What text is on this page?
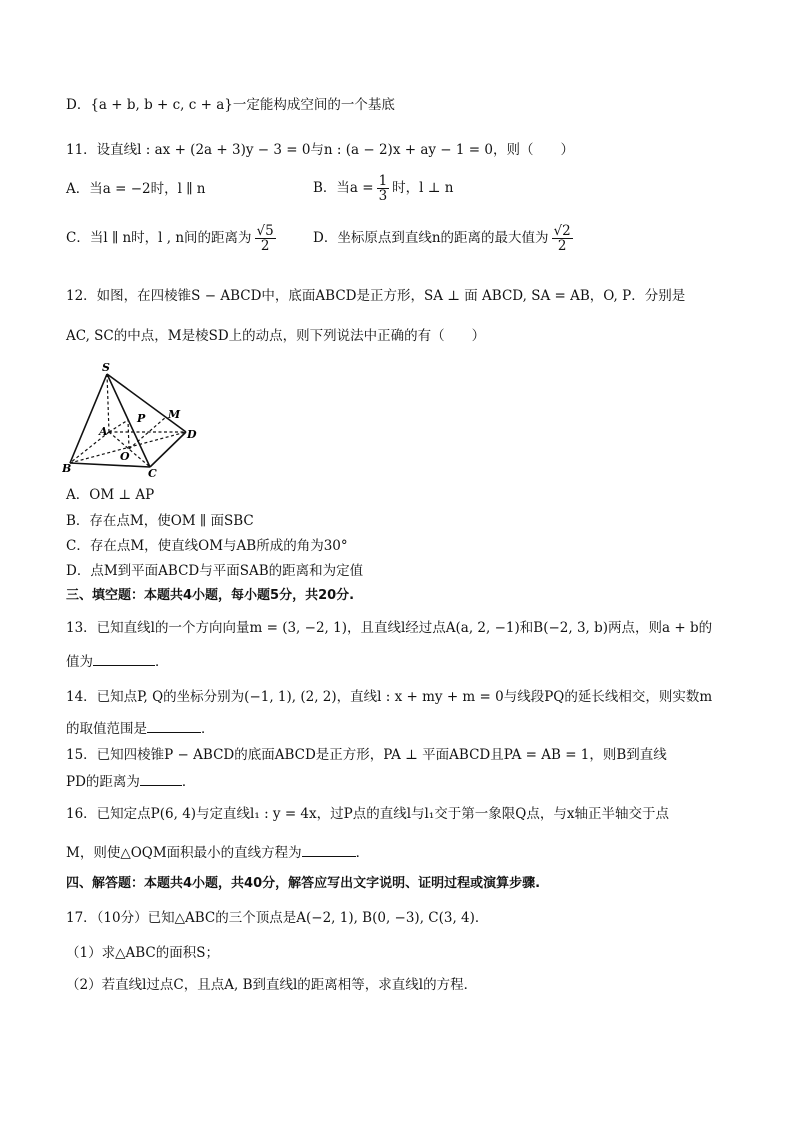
D．{a + b, b + c, c + a}一定能构成空间的一个基底
11．设直线l : ax + (2a + 3)y − 3 = 0与n : (a − 2)x + ay − 1 = 0，则（　　）
A．当a = −2时，l ∥ n	B．当$a = \frac{1}{3}$ 时，l ⊥ n
C．当l ∥ n时，l , n间的距离为 $\frac{√5}{2}$	D．坐标原点到直线n的距离的最大值为 $\frac{√2}{2}$
12．如图，在四棱锥S − ABCD中，底面ABCD是正方形，SA ⊥ 面 ABCD, SA = AB，O, P．分别是
AC, SC的中点，M是棱SD上的动点，则下列说法中正确的有（　　）
S
A
B	C
D
O
P M
A．OM ⊥ AP
B．存在点M，使OM ∥ 面SBC
C．存在点M，使直线OM与AB所成的角为30°
D．点M到平面ABCD与平面SAB的距离和为定值
三、填空题：本题共4小题，每小题5分，共20分.
13．已知直线l的一个方向向量m = (3, −2, 1)，且直线l经过点A(a, 2, −1)和B(−2, 3, b)两点，则a + b的
值为	．
14．已知点P, Q的坐标分别为(−1, 1), (2, 2)，直线l : x + my + m = 0与线段PQ的延长线相交，则实数m
的取值范围是	．
15．已知四棱锥P − ABCD的底面ABCD是正方形，PA ⊥ 平面ABCD且PA = AB = 1，则B到直线
PD的距离为	．
16．已知定点P(6, 4)与定直线l₁ : y = 4x，过P点的直线l与l₁交于第一象限Q点，与x轴正半轴交于点
M，则使△OQM面积最小的直线方程为	．
四、解答题：本题共4小题，共40分，解答应写出文字说明、证明过程或演算步骤.
17．（10分）已知△ABC的三个顶点是A(−2, 1), B(0, −3), C(3, 4)．
（1）求△ABC的面积S；
（2）若直线l过点C，且点A, B到直线l的距离相等，求直线l的方程．
